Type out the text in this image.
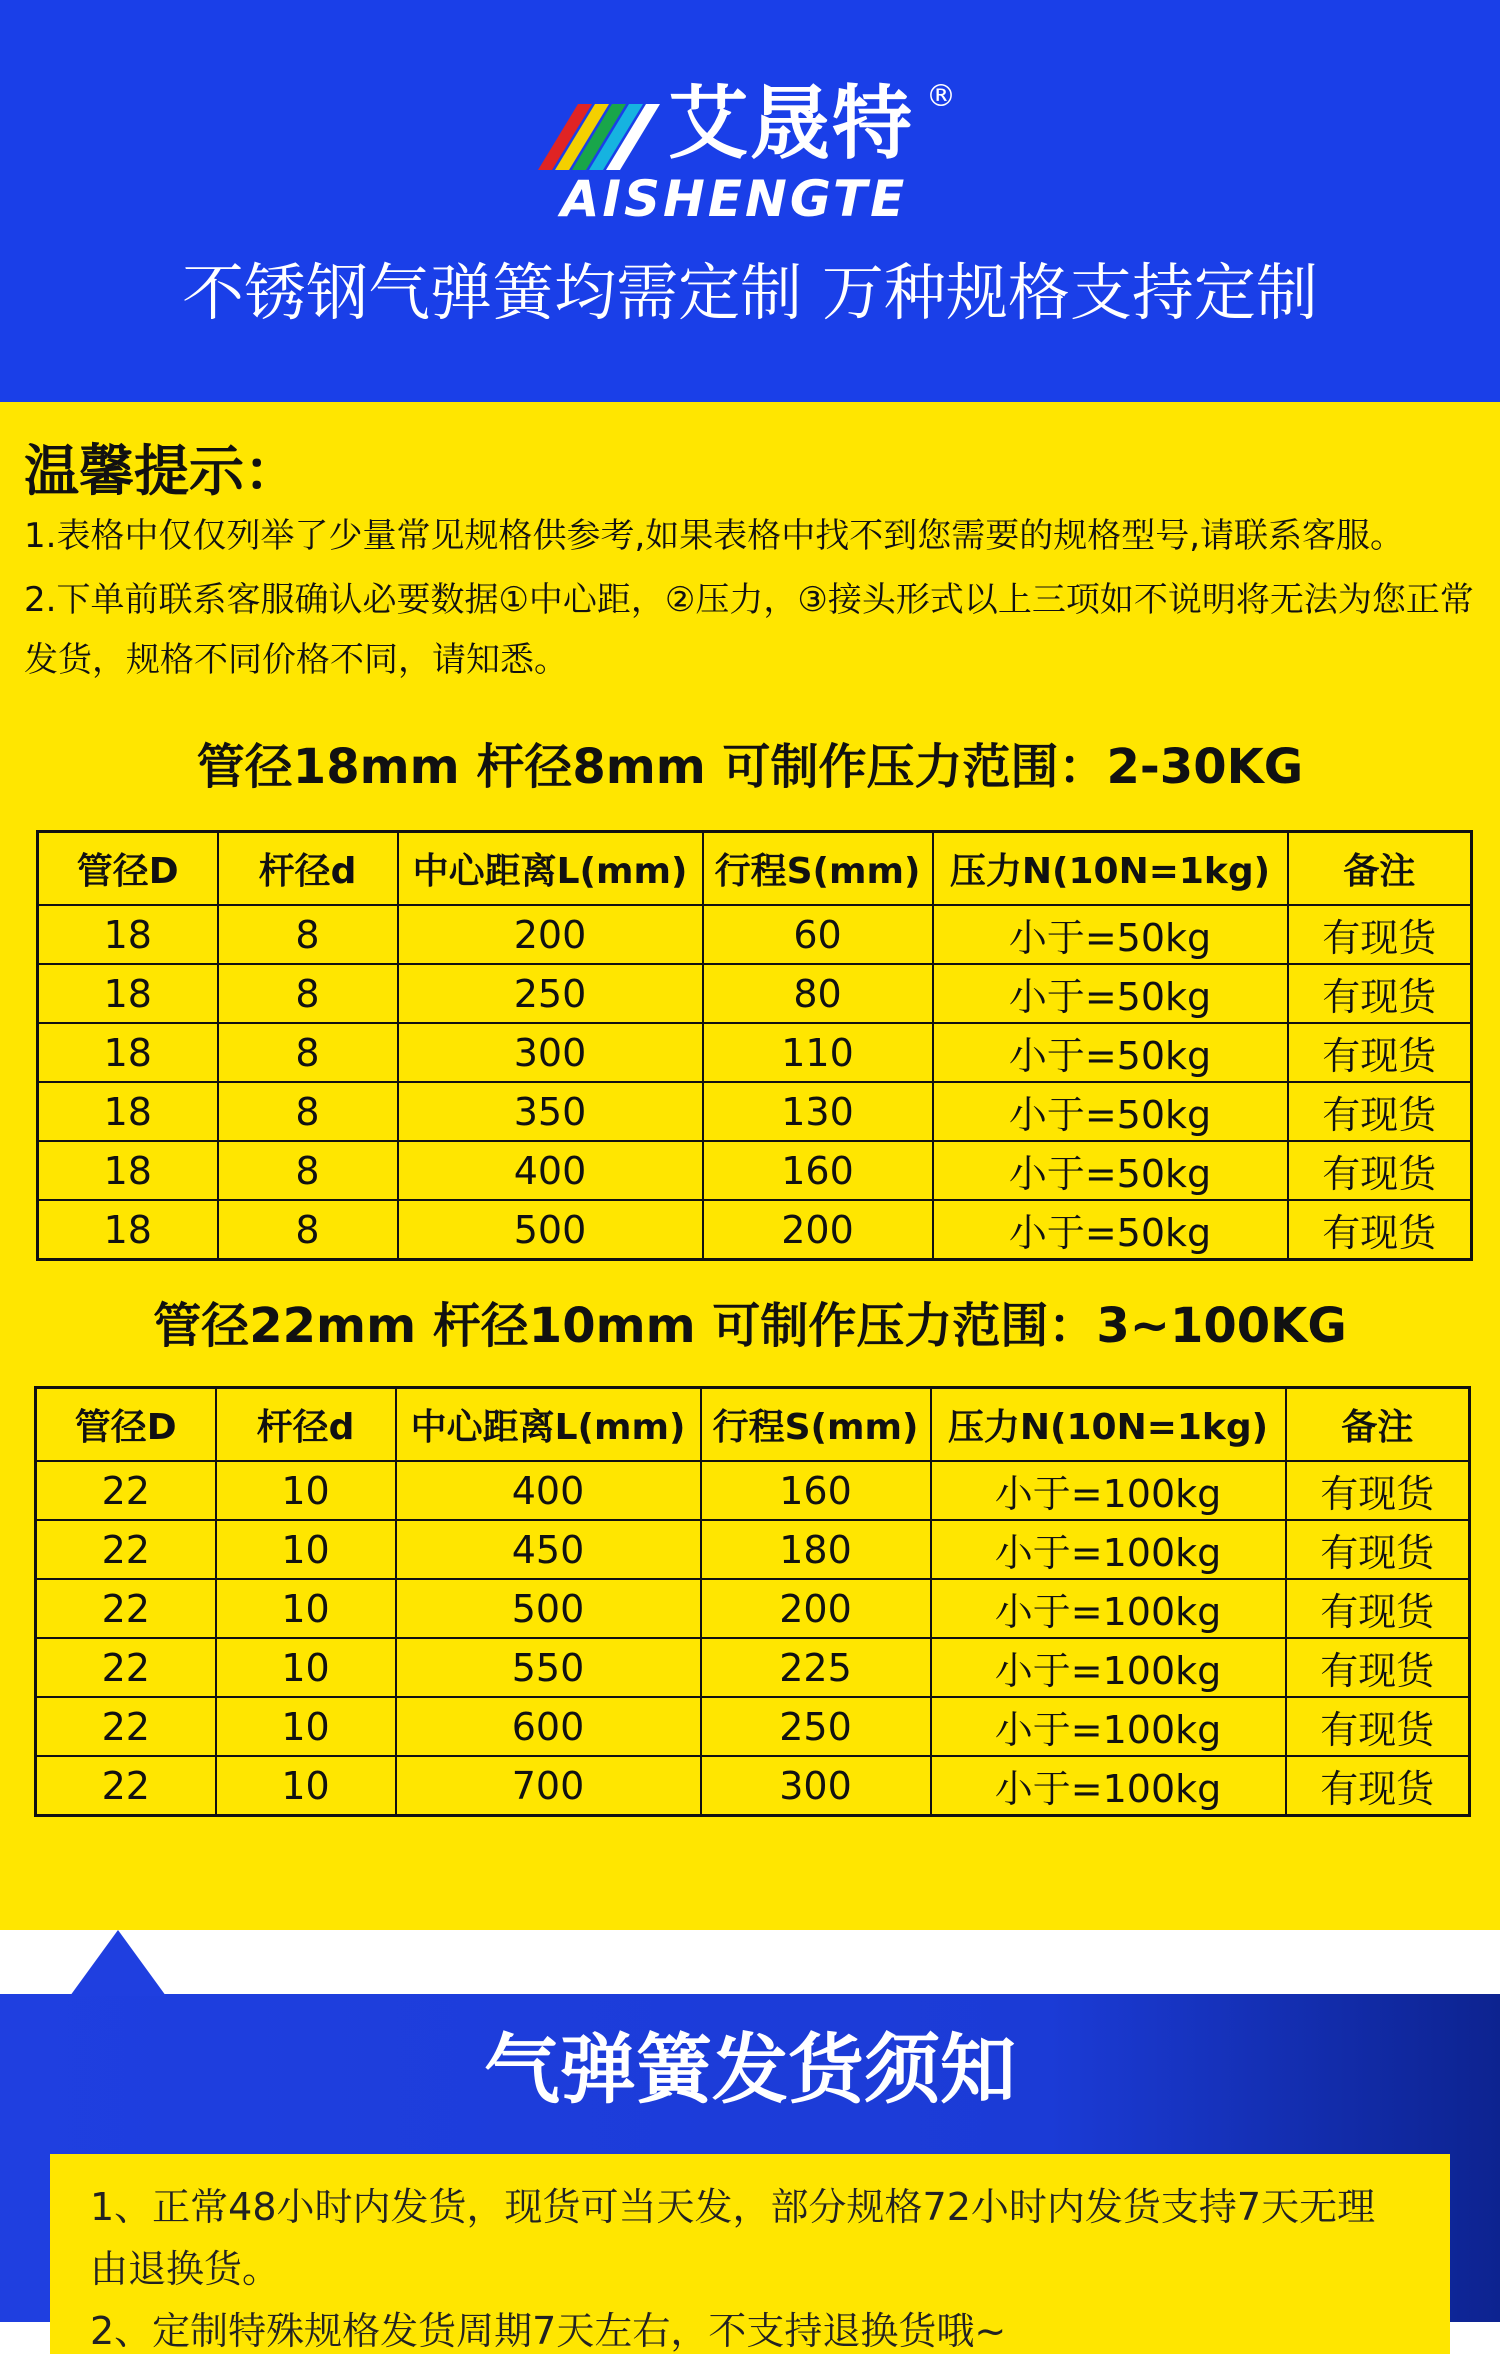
艾晟特 ®
AISHENGTE
不锈钢气弹簧均需定制 万种规格支持定制
温馨提示：
1.表格中仅仅列举了少量常见规格供参考,如果表格中找不到您需要的规格型号,请联系客服。
2.下单前联系客服确认必要数据①中心距，②压力，③接头形式以上三项如不说明将无法为您正常发货，规格不同价格不同，请知悉。
管径18mm 杆径8mm 可制作压力范围：2-30KG
管径D	杆径d	中心距离L(mm)	行程S(mm)	压力N(10N=1kg)	备注
18	8	200	60	小于=50kg	有现货
18	8	250	80	小于=50kg	有现货
18	8	300	110	小于=50kg	有现货
18	8	350	130	小于=50kg	有现货
18	8	400	160	小于=50kg	有现货
18	8	500	200	小于=50kg	有现货
管径22mm 杆径10mm 可制作压力范围：3~100KG
管径D	杆径d	中心距离L(mm)	行程S(mm)	压力N(10N=1kg)	备注
22	10	400	160	小于=100kg	有现货
22	10	450	180	小于=100kg	有现货
22	10	500	200	小于=100kg	有现货
22	10	550	225	小于=100kg	有现货
22	10	600	250	小于=100kg	有现货
22	10	700	300	小于=100kg	有现货
气弹簧发货须知
1、正常48小时内发货，现货可当天发，部分规格72小时内发货支持7天无理由退换货。
2、定制特殊规格发货周期7天左右，不支持退换货哦~
